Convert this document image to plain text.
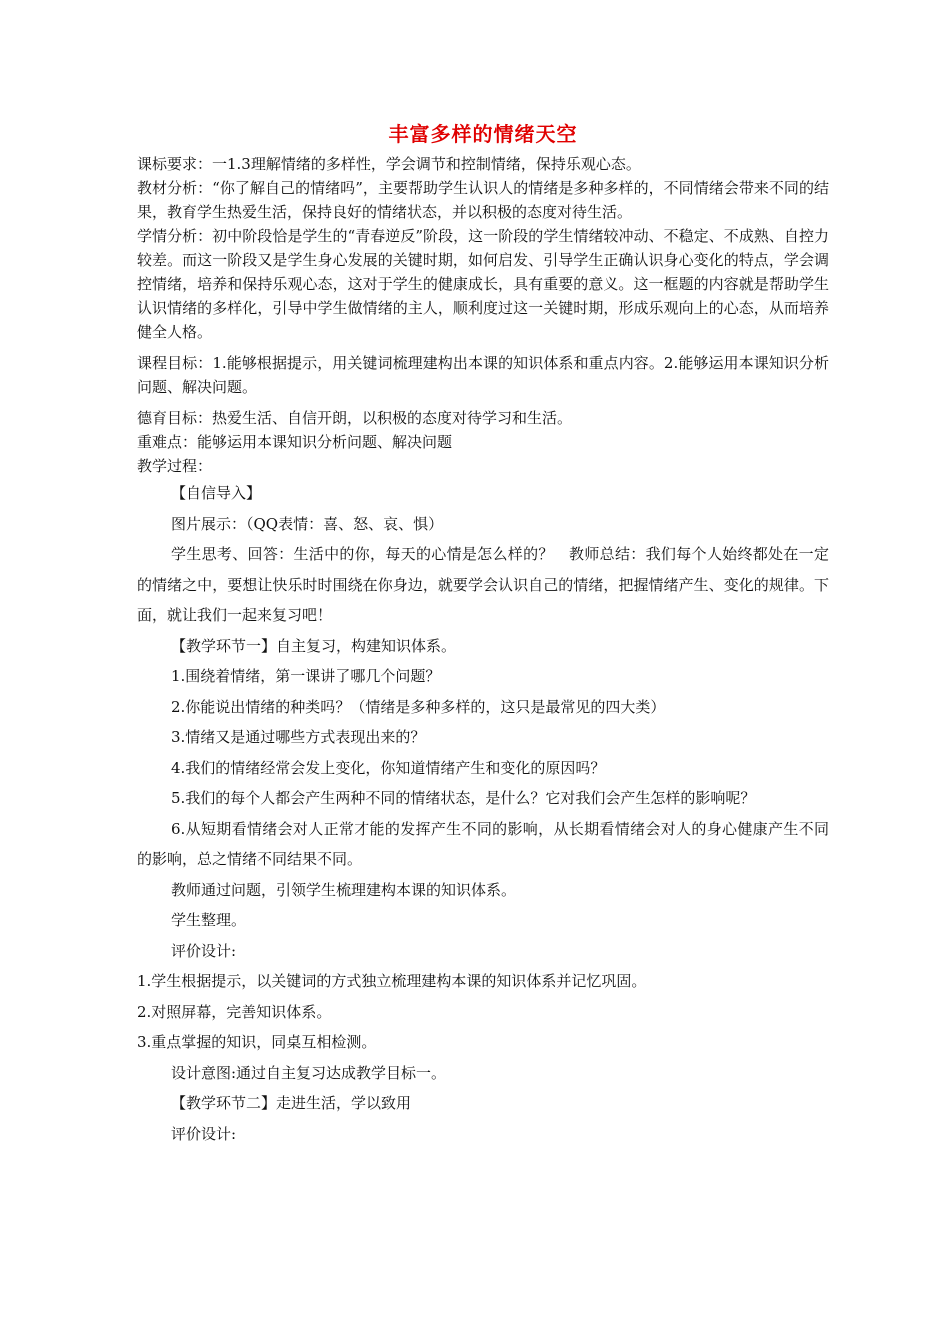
丰富多样的情绪天空

课标要求：一1.3理解情绪的多样性，学会调节和控制情绪，保持乐观心态。

教材分析：“你了解自己的情绪吗”，主要帮助学生认识人的情绪是多种多样的，不同情绪会带来不同的结果，教育学生热爱生活，保持良好的情绪状态，并以积极的态度对待生活。

学情分析：初中阶段恰是学生的“青春逆反”阶段，这一阶段的学生情绪较冲动、不稳定、不成熟、自控力较差。而这一阶段又是学生身心发展的关键时期，如何启发、引导学生正确认识身心变化的特点，学会调控情绪，培养和保持乐观心态，这对于学生的健康成长，具有重要的意义。这一框题的内容就是帮助学生认识情绪的多样化，引导中学生做情绪的主人，顺利度过这一关键时期，形成乐观向上的心态，从而培养健全人格。

课程目标：1.能够根据提示，用关键词梳理建构出本课的知识体系和重点内容。2.能够运用本课知识分析问题、解决问题。

德育目标：热爱生活、自信开朗，以积极的态度对待学习和生活。

重难点：能够运用本课知识分析问题、解决问题

教学过程：

【自信导入】

图片展示：（QQ表情：喜、怒、哀、惧）

学生思考、回答：生活中的你，每天的心情是怎么样的？　教师总结：我们每个人始终都处在一定的情绪之中，要想让快乐时时围绕在你身边，就要学会认识自己的情绪，把握情绪产生、变化的规律。下面，就让我们一起来复习吧！

【教学环节一】自主复习，构建知识体系。

1.围绕着情绪，第一课讲了哪几个问题？

2.你能说出情绪的种类吗？（情绪是多种多样的，这只是最常见的四大类）

3.情绪又是通过哪些方式表现出来的？

4.我们的情绪经常会发上变化，你知道情绪产生和变化的原因吗？

5.我们的每个人都会产生两种不同的情绪状态，是什么？它对我们会产生怎样的影响呢？

6.从短期看情绪会对人正常才能的发挥产生不同的影响，从长期看情绪会对人的身心健康产生不同的影响，总之情绪不同结果不同。

教师通过问题，引领学生梳理建构本课的知识体系。

学生整理。

评价设计:

1.学生根据提示，以关键词的方式独立梳理建构本课的知识体系并记忆巩固。

2.对照屏幕，完善知识体系。

3.重点掌握的知识，同桌互相检测。

设计意图:通过自主复习达成教学目标一。

【教学环节二】走进生活，学以致用

评价设计:
